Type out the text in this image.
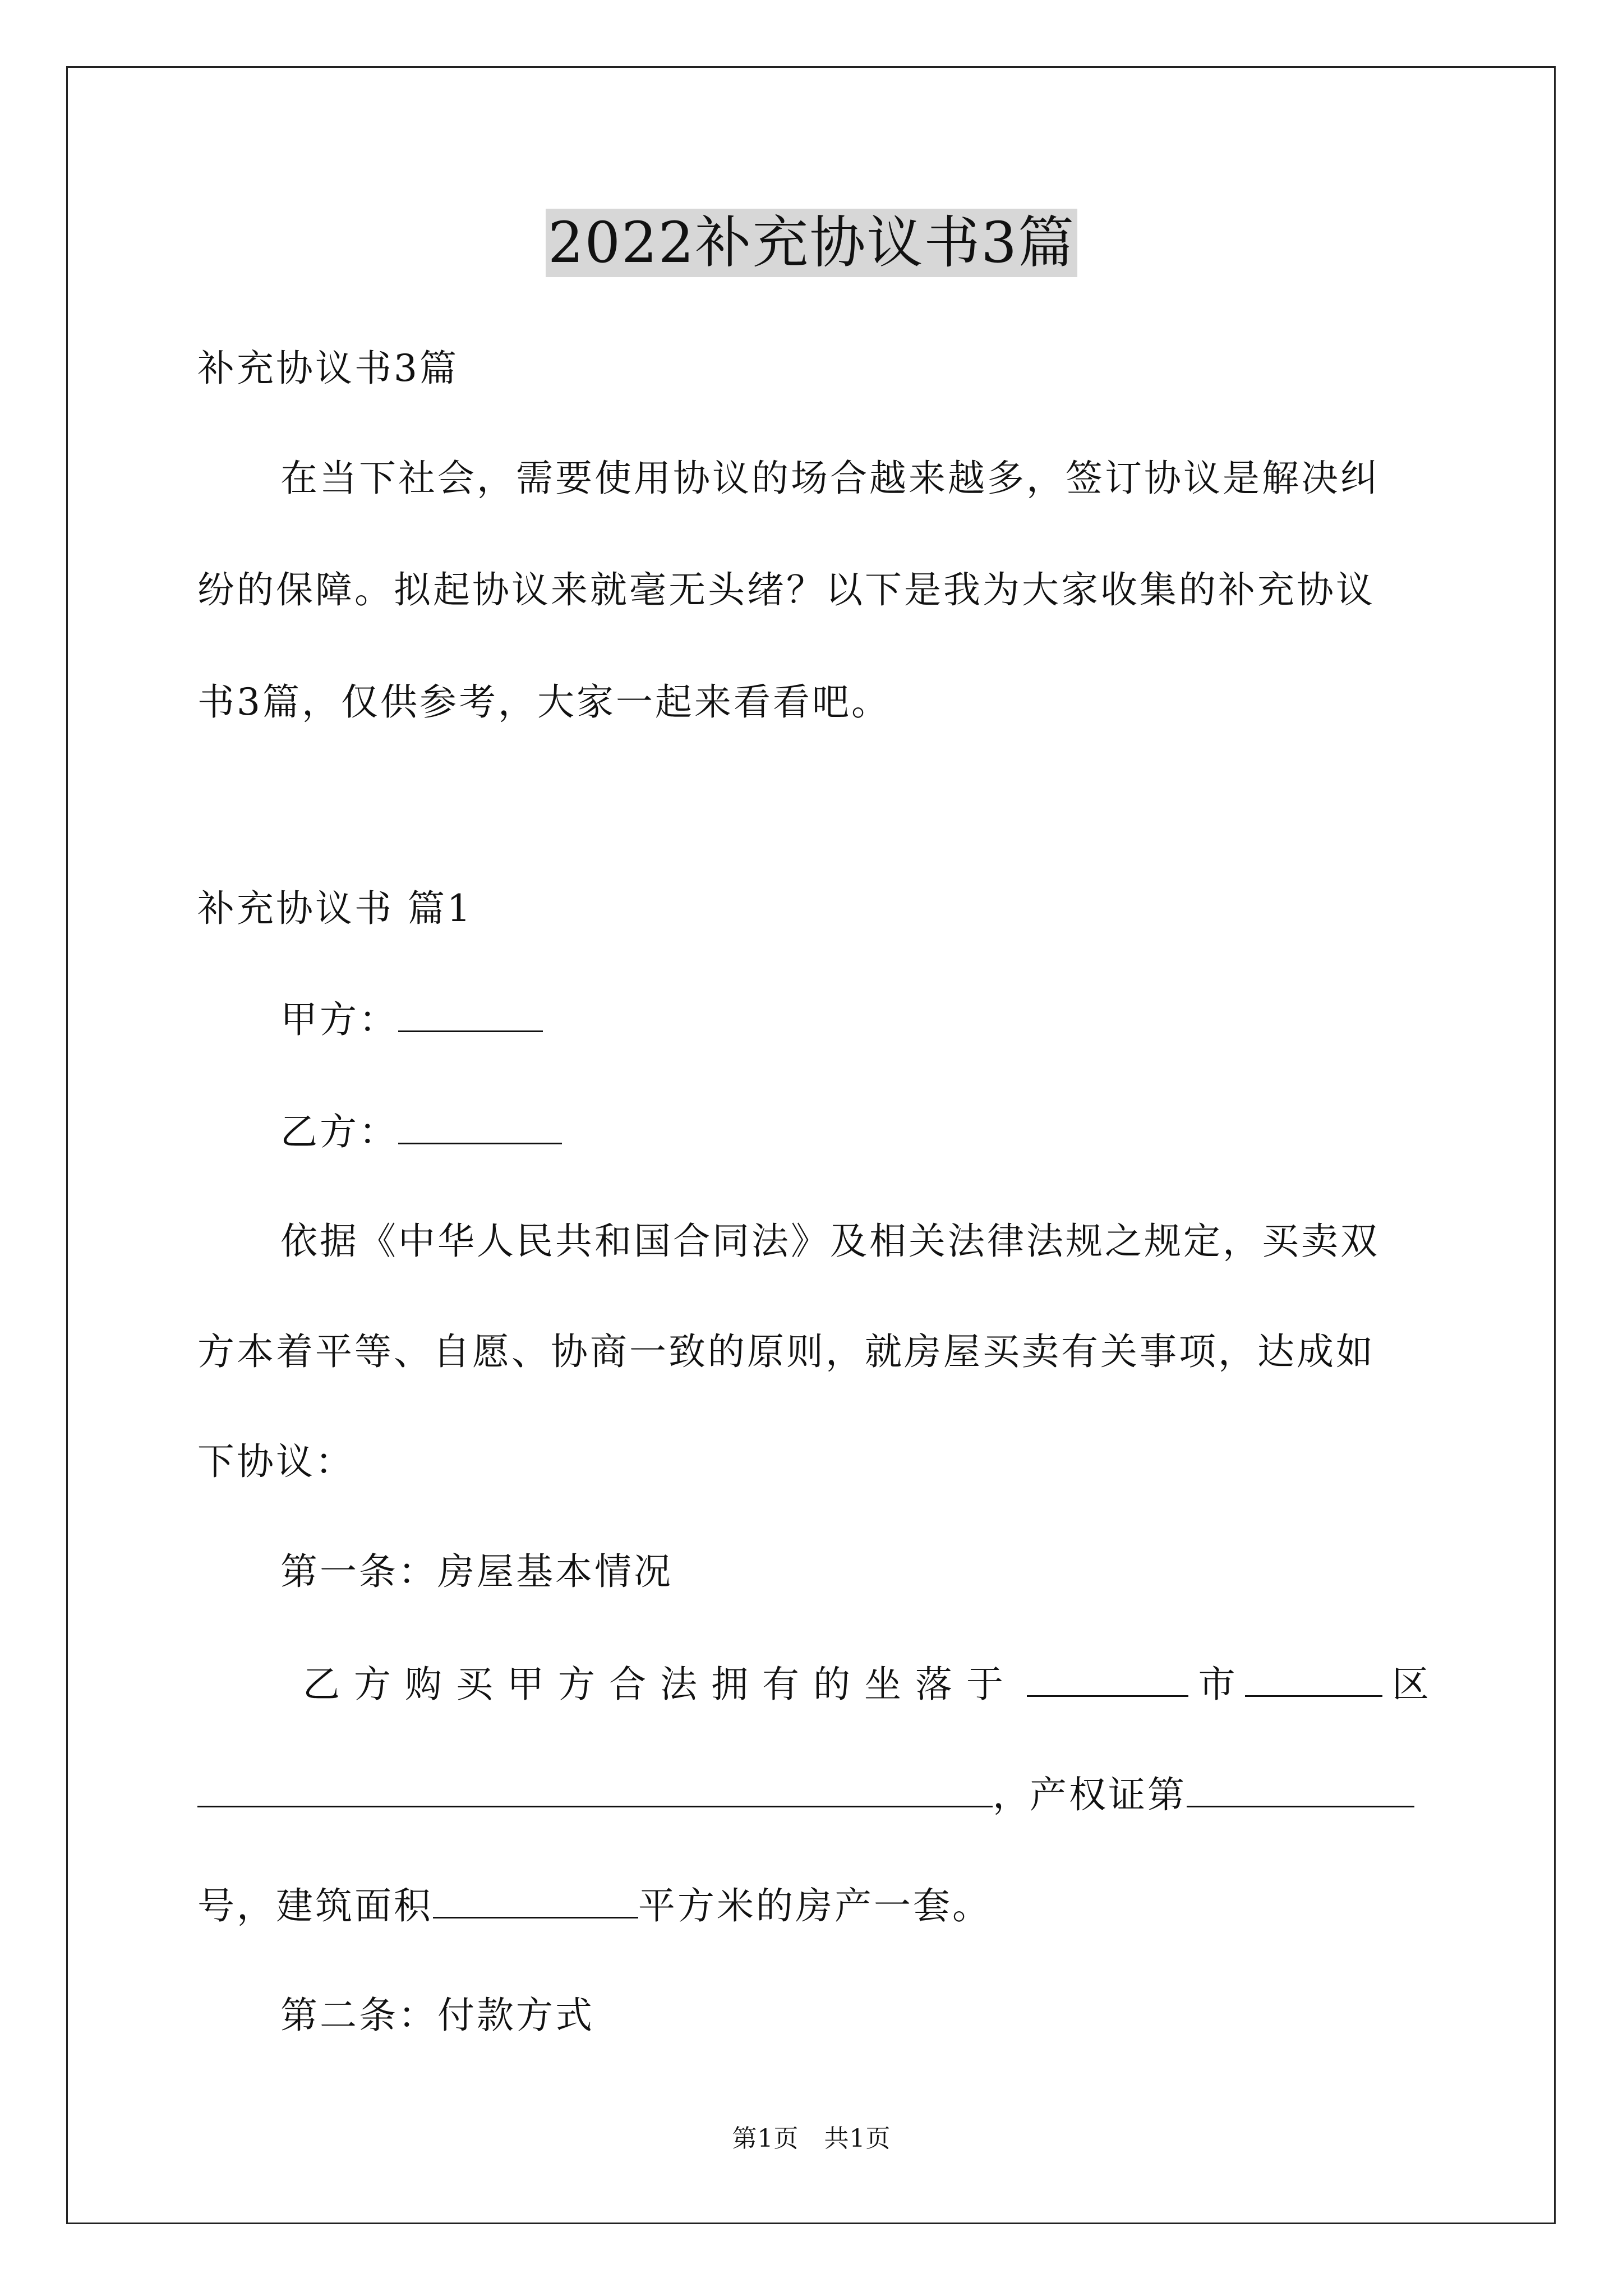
2022补充协议书3篇
补充协议书3篇
在当下社会，需要使用协议的场合越来越多，签订协议是解决纠
纷的保障。拟起协议来就毫无头绪？以下是我为大家收集的补充协议
书3篇，仅供参考，大家一起来看看吧。
补充协议书 篇1
甲方：
乙方：
依据《中华人民共和国合同法》及相关法律法规之规定，买卖双
方本着平等、自愿、协商一致的原则，就房屋买卖有关事项，达成如
下协议：
第一条：房屋基本情况
乙方购买甲方合法拥有的坐落于	市	区
，产权证第
号，建筑面积	平方米的房产一套。
第二条：付款方式
第1页　共1页
